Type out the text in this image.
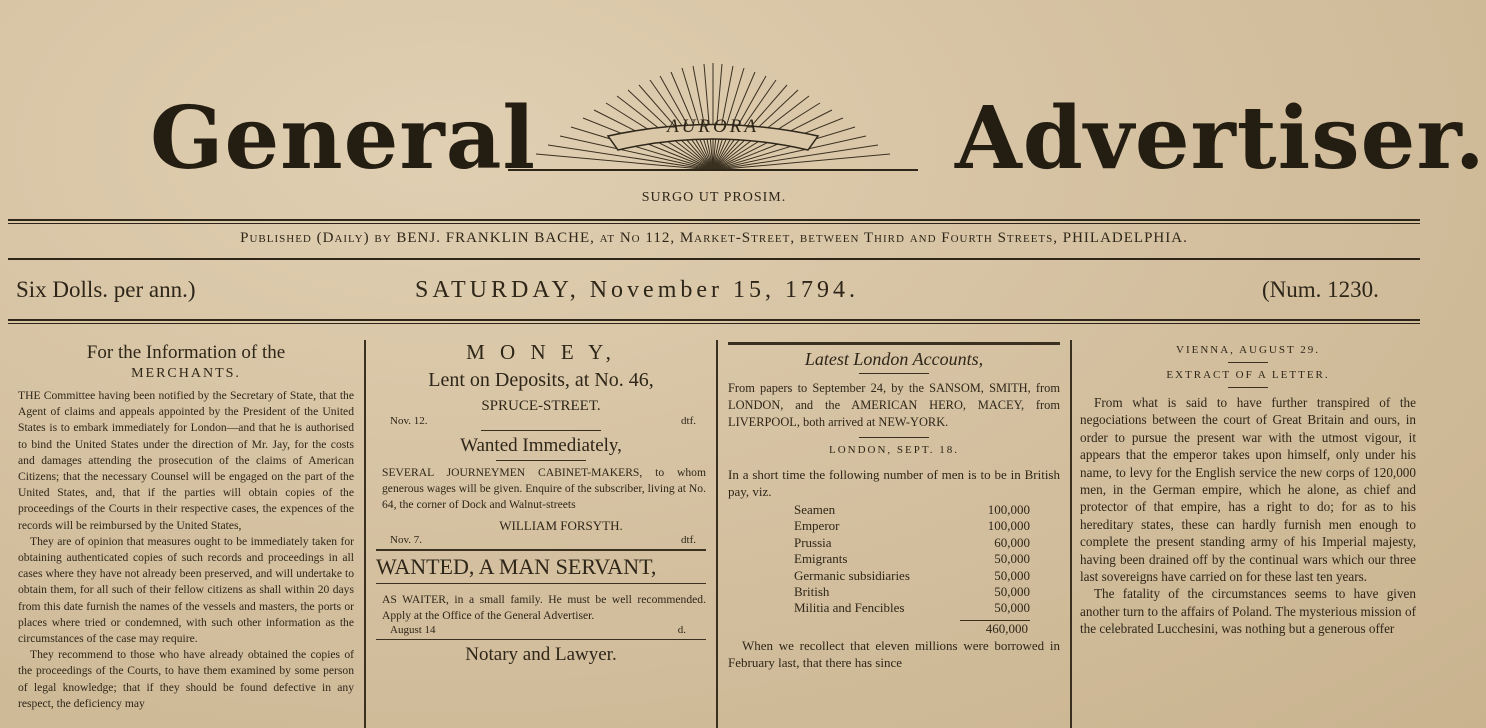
General	AURORA	Advertiser.
SURGO UT PROSIM.
Published (Daily) by BENJ. FRANKLIN BACHE, at No 112, Market-Street, between Third and Fourth Streets, PHILADELPHIA.
Six Dolls. per ann.)	SATURDAY, November 15, 1794.	(Num. 1230.
For the Information of the
MERCHANTS.

THE Committee having been notified by the Secretary of State, that the Agent of claims and appeals appointed by the President of the United States is to embark immediately for London—and that he is authorised to bind the United States under the direction of Mr. Jay, for the costs and damages attending the prosecution of the claims of American Citizens; that the necessary Counsel will be engaged on the part of the United States, and, that if the parties will obtain copies of the proceedings of the Courts in their respective cases, the expences of the records will be reimbursed by the United States,

They are of opinion that measures ought to be immediately taken for obtaining authenticated copies of such records and proceedings in all cases where they have not already been preserved, and will undertake to obtain them, for all such of their fellow citizens as shall within 20 days from this date furnish the names of the vessels and masters, the ports or places where tried or condemned, with such other information as the circumstances of the case may require.

They recommend to those who have already obtained the copies of the proceedings of the Courts, to have them examined by some person of legal knowledge; that if they should be found defective in any respect, the deficiency may

M O N E Y,
Lent on Deposits, at No. 46,
SPRUCE-STREET.
Nov. 12.	dtf.
Wanted Immediately,

SEVERAL JOURNEYMEN CABINET-MAKERS, to whom generous wages will be given. Enquire of the subscriber, living at No. 64, the corner of Dock and Walnut-streets

WILLIAM FORSYTH.
Nov. 7.	dtf.
WANTED, A MAN SERVANT,

AS WAITER, in a small family. He must be well recommended. Apply at the Office of the General Advertiser.

August 14	d.
Notary and Lawyer.
Latest London Accounts,

From papers to September 24, by the SANSOM, SMITH, from LONDON, and the AMERICAN HERO, MACEY, from LIVERPOOL, both arrived at NEW-YORK.

LONDON, SEPT. 18.

In a short time the following number of men is to be in British pay, viz.

Seamen	100,000
Emperor	100,000
Prussia	60,000
Emigrants	50,000
Germanic subsidiaries	50,000
British	50,000
Militia and Fencibles	50,000
460,000

When we recollect that eleven millions were borrowed in February last, that there has since

VIENNA, AUGUST 29.
EXTRACT OF A LETTER.

From what is said to have further transpired of the negociations between the court of Great Britain and ours, in order to pursue the present war with the utmost vigour, it appears that the emperor takes upon himself, only under his name, to levy for the English service the new corps of 120,000 men, in the German empire, which he alone, as chief and protector of that empire, has a right to do; for as to his hereditary states, these can hardly furnish men enough to complete the present standing army of his Imperial majesty, having been drained off by the continual wars which our three last sovereigns have carried on for these last ten years.

The fatality of the circumstances seems to have given another turn to the affairs of Poland. The mysterious mission of the celebrated Lucchesini, was nothing but a generous offer
